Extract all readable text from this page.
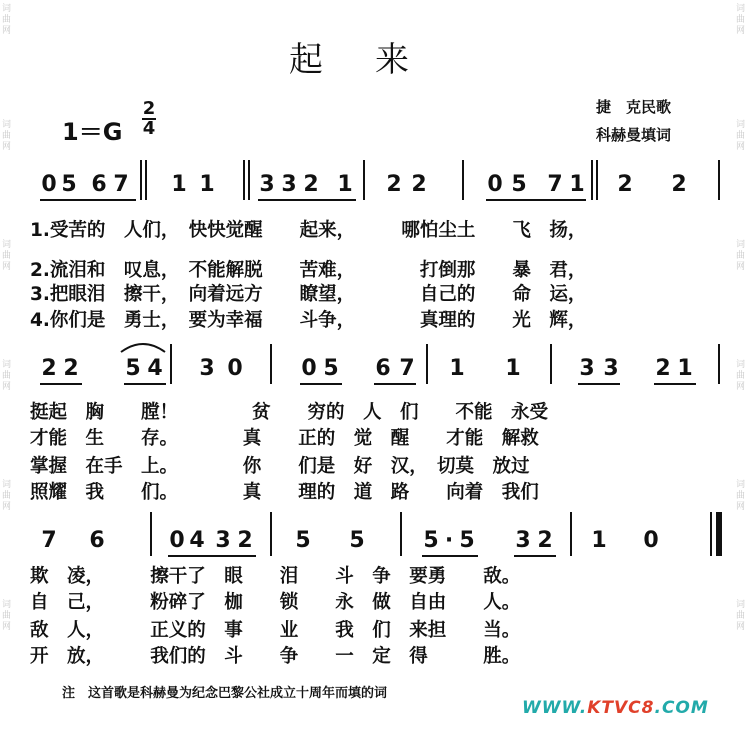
词
曲
网
词
曲
网
词
曲
网
词
曲
网
词
曲
网
词
曲
网
词
曲
网
词
曲
网
词
曲
网
词
曲
网
词
曲
网
词
曲
网
起来
1＝G
2
4
捷　克民歌
科赫曼填词
0 5 6 7 1 1 3 3 2 1 2 2	0 5 7 1 2 2
1.受苦的　人们，　快快觉醒　　起来，　　　哪怕尘土　　飞　扬，
2.流泪和　叹息，　不能解脱　　苦难，　　　　打倒那　　暴　君，
3.把眼泪　擦干，　向着远方　　瞭望，　　　　自己的　　命　运，
4.你们是　勇士，　要为幸福　　斗争，　　　　真理的　　光　辉，
2 2 5 4 3 0	0 5 6 7 1 1	3 3 2 1
挺起　胸　　膛！　　　　贫　　穷的　人　们　　不能　永受
才能　生　　存。　　　　真　　正的　觉　醒　　才能　解救
掌握　在手　上。　　　　你　　们是　好　汉，　切莫　放过
照耀　我　　们。　　　　真　　理的　道　路　　向着　我们
7 6	0 4 3 2 5 5	5 · 5 3 2 1 0
欺　凌，　　　擦干了　眼　　泪　　斗　争　要勇　　敌。
自　己，　　　粉碎了　枷　　锁　　永　做　自由　　人。
敌　人，　　　正义的　事　　业　　我　们　来担　　当。
开　放，　　　我们的　斗　　争　　一　定　得　　　胜。
注　这首歌是科赫曼为纪念巴黎公社成立十周年而填的词
WWW.KTVC8.COM
